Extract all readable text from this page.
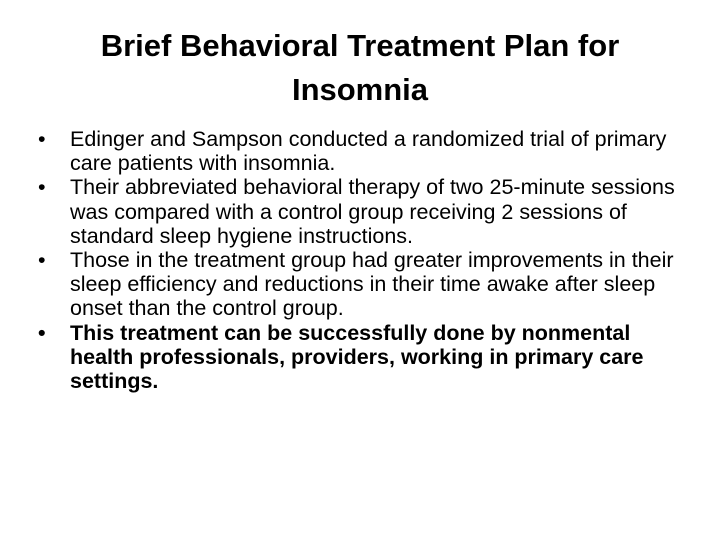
Brief Behavioral Treatment Plan for Insomnia
•	Edinger and Sampson conducted a randomized trial of primary care patients with insomnia.
•	Their abbreviated behavioral therapy of two 25-minute sessions was compared with a control group receiving 2 sessions of standard sleep hygiene instructions.
•	Those in the treatment group had greater improvements in their sleep efficiency and reductions in their time awake after sleep onset than the control group.
•	This treatment can be successfully done by nonmental health professionals, providers, working in primary care settings.
